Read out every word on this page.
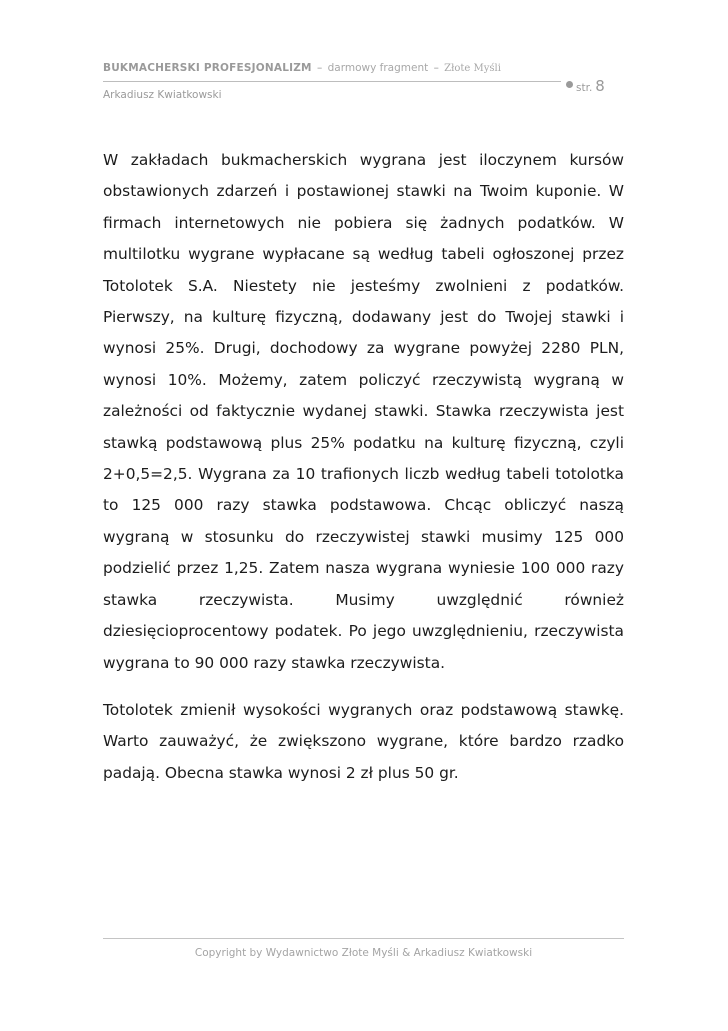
BUKMACHERSKI PROFESJONALIZM – darmowy fragment – Złote Myśli
Arkadiusz Kwiatkowski
str. 8

W zakładach bukmacherskich wygrana jest iloczynem kursów obstawionych zdarzeń i postawionej stawki na Twoim kuponie. W firmach internetowych nie pobiera się żadnych podatków. W multilotku wygrane wypłacane są według tabeli ogłoszonej przez Totolotek S.A. Niestety nie jesteśmy zwolnieni z podatków. Pierwszy, na kulturę fizyczną, dodawany jest do Twojej stawki i wynosi 25%. Drugi, dochodowy za wygrane powyżej 2280 PLN, wynosi 10%. Możemy, zatem policzyć rzeczywistą wygraną w zależności od faktycznie wydanej stawki. Stawka rzeczywista jest stawką podstawową plus 25% podatku na kulturę fizyczną, czyli 2+0,5=2,5. Wygrana za 10 trafionych liczb według tabeli totolotka to 125 000 razy stawka podstawowa. Chcąc obliczyć naszą wygraną w stosunku do rzeczywistej stawki musimy 125 000 podzielić przez 1,25. Zatem nasza wygrana wyniesie 100 000 razy stawka rzeczywista. Musimy uwzględnić również dziesięcioprocentowy podatek. Po jego uwzględnieniu, rzeczywista wygrana to 90 000 razy stawka rzeczywista.

Totolotek zmienił wysokości wygranych oraz podstawową stawkę. Warto zauważyć, że zwiększono wygrane, które bardzo rzadko padają. Obecna stawka wynosi 2 zł plus 50 gr.

Copyright by Wydawnictwo Złote Myśli & Arkadiusz Kwiatkowski
